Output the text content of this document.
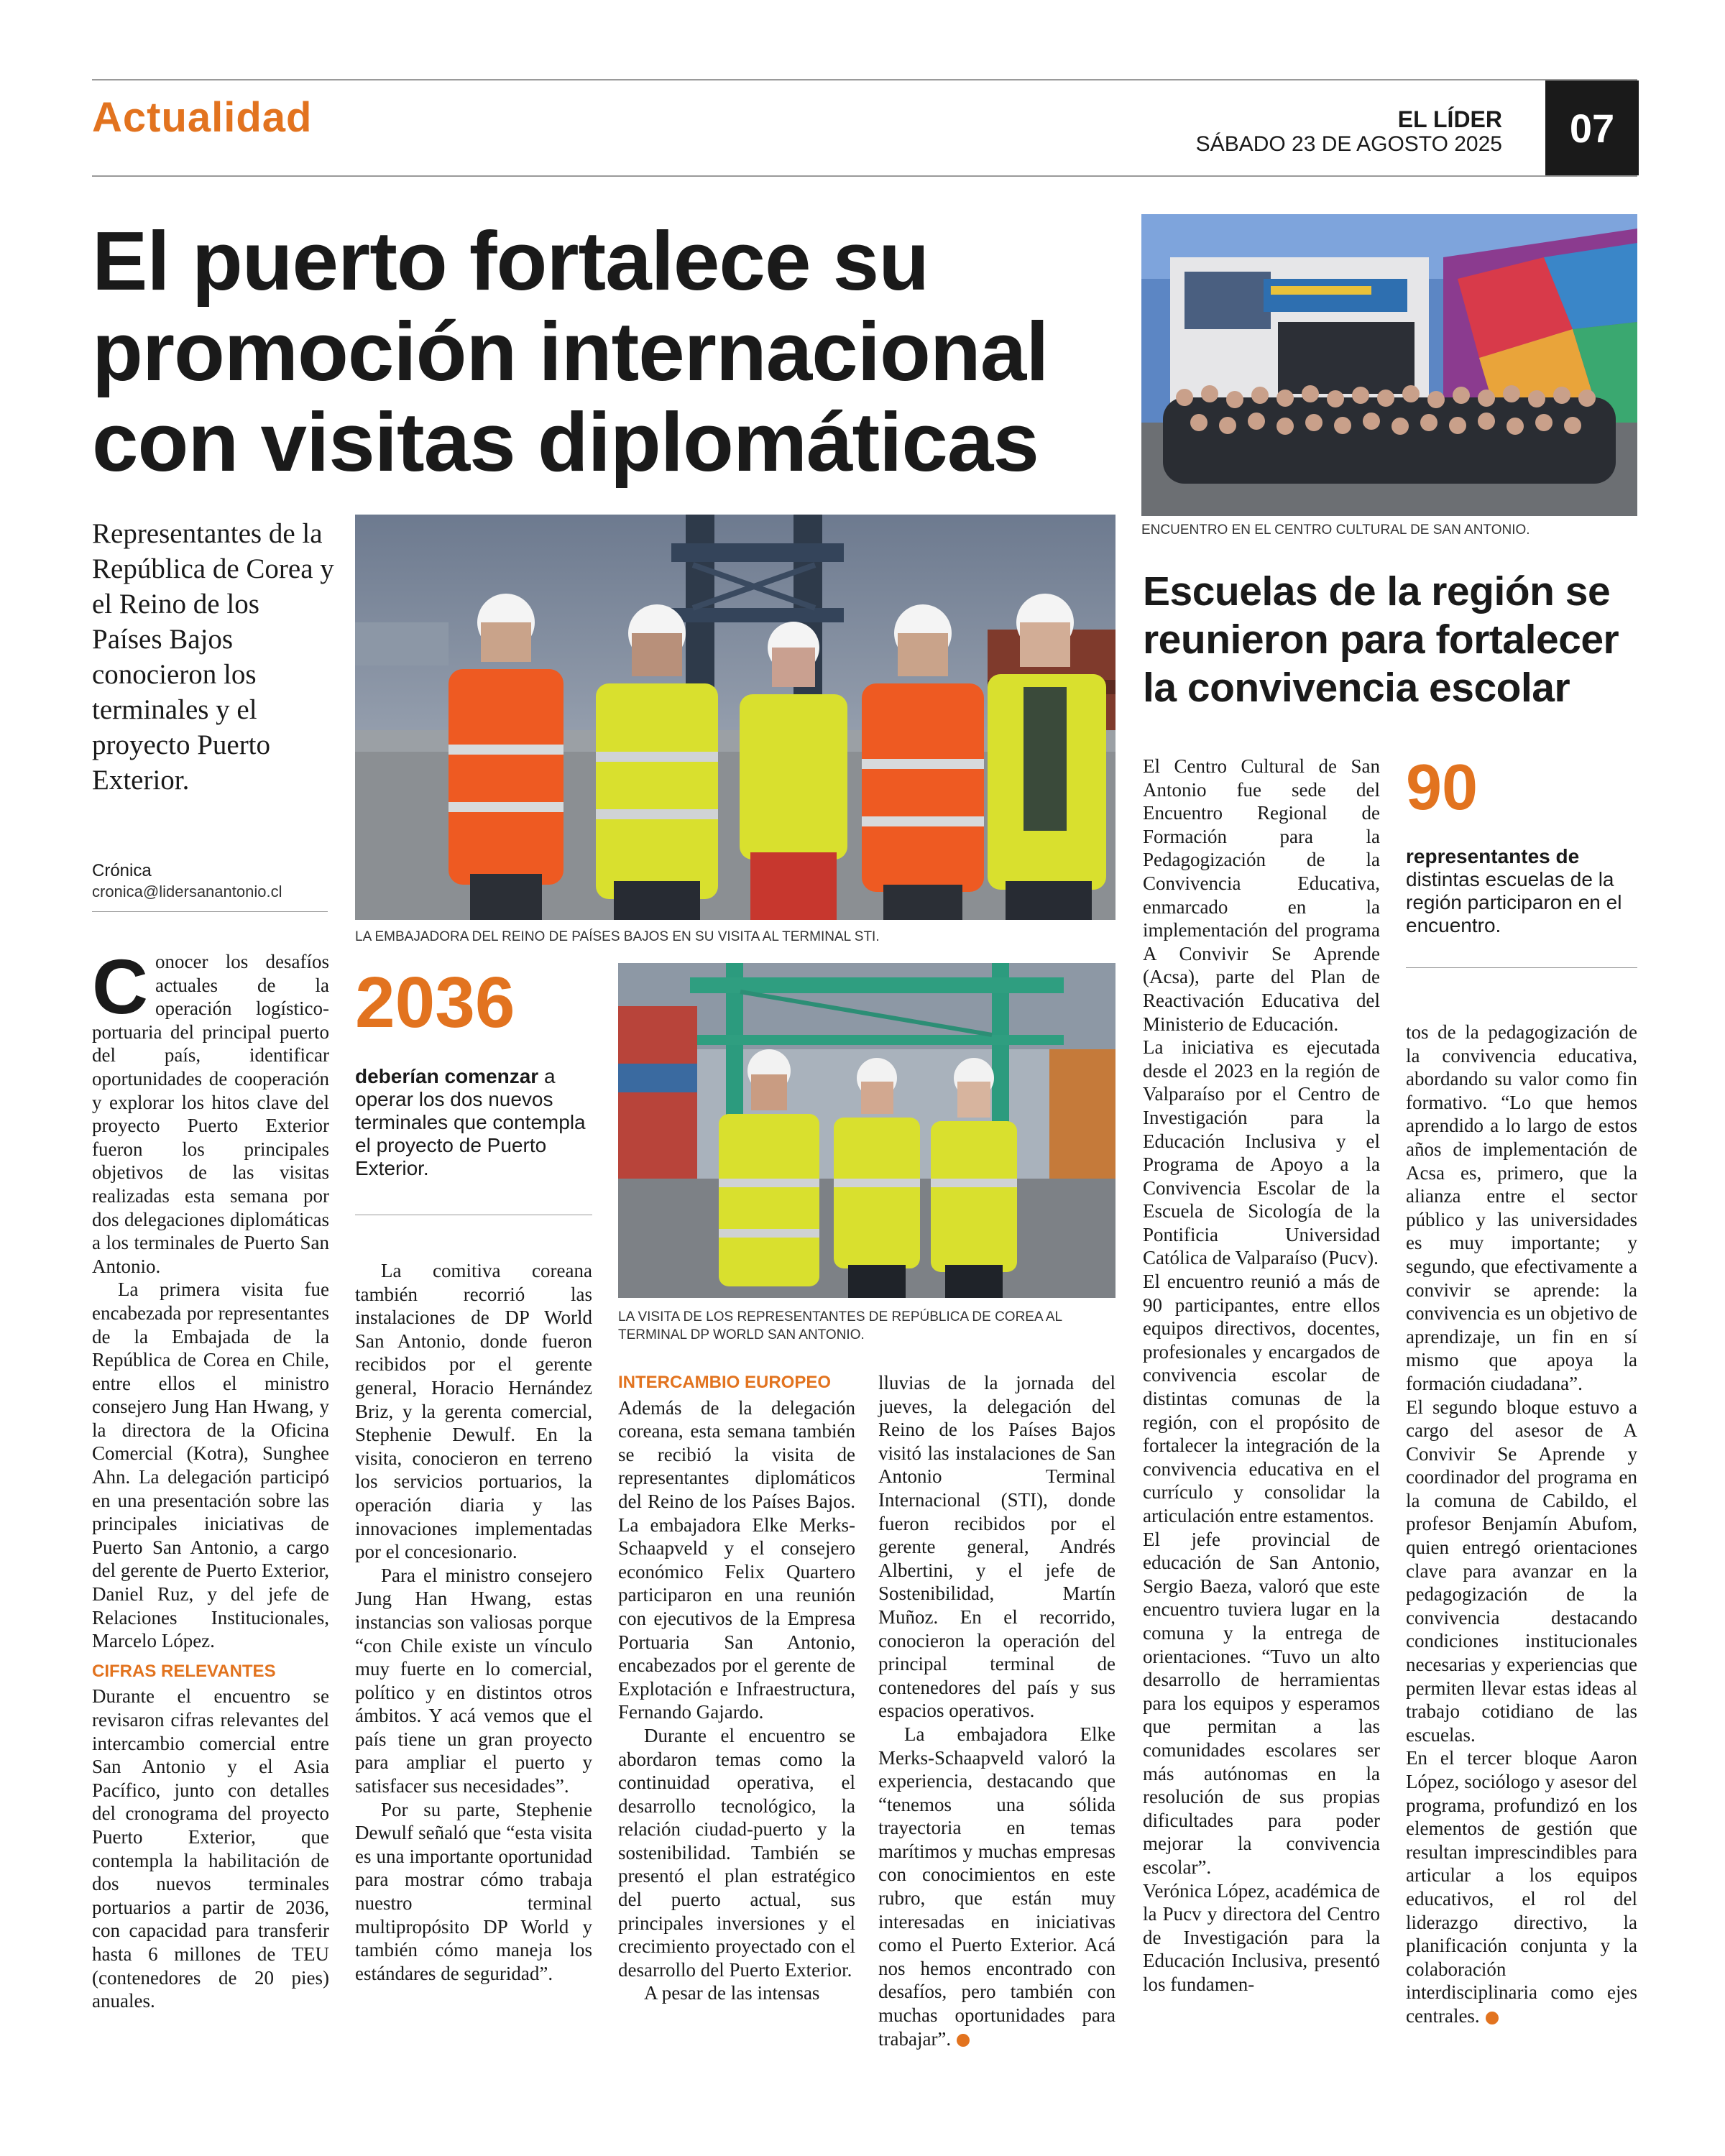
Actualidad	EL LÍDER
SÁBADO 23 DE AGOSTO 2025	07
El puerto fortalece su promoción internacional con visitas diplomáticas
Representantes de la República de Corea y el Reino de los Países Bajos conocieron los terminales y el proyecto Puerto Exterior.
Crónica
cronica@lidersanantonio.cl
LA EMBAJADORA DEL REINO DE PAÍSES BAJOS EN SU VISITA AL TERMINAL STI.
2036
deberían comenzar a operar los dos nuevos terminales que contempla el proyecto de Puerto Exterior.
LA VISITA DE LOS REPRESENTANTES DE REPÚBLICA DE COREA AL TERMINAL DP WORLD SAN ANTONIO.

Conocer los desafíos actuales de la operación logístico-portuaria del principal puerto del país, identificar oportunidades de cooperación y explorar los hitos clave del proyecto Puerto Exterior fueron los principales objetivos de las visitas realizadas esta semana por dos delegaciones diplomáticas a los terminales de Puerto San Antonio.

La primera visita fue encabezada por representantes de la Embajada de la República de Corea en Chile, entre ellos el ministro consejero Jung Han Hwang, y la directora de la Oficina Comercial (Kotra), Sunghee Ahn. La delegación participó en una presentación sobre las principales iniciativas de Puerto San Antonio, a cargo del gerente de Puerto Exterior, Daniel Ruz, y del jefe de Relaciones Institucionales, Marcelo López.

CIFRAS RELEVANTES

Durante el encuentro se revisaron cifras relevantes del intercambio comercial entre San Antonio y el Asia Pacífico, junto con detalles del cronograma del proyecto Puerto Exterior, que contempla la habilitación de dos nuevos terminales portuarios a partir de 2036, con capacidad para transferir hasta 6 millones de TEU (contenedores de 20 pies) anuales.

La comitiva coreana también recorrió las instalaciones de DP World San Antonio, donde fueron recibidos por el gerente general, Horacio Hernández Briz, y la gerenta comercial, Stephenie Dewulf. En la visita, conocieron en terreno los servicios portuarios, la operación diaria y las innovaciones implementadas por el concesionario.

Para el ministro consejero Jung Han Hwang, estas instancias son valiosas porque “con Chile existe un vínculo muy fuerte en lo comercial, político y en distintos otros ámbitos. Y acá vemos que el país tiene un gran proyecto para ampliar el puerto y satisfacer sus necesidades”.

Por su parte, Stephenie Dewulf señaló que “esta visita es una importante oportunidad para mostrar cómo trabaja nuestro terminal multipropósito DP World y también cómo maneja los estándares de seguridad”.

INTERCAMBIO EUROPEO

Además de la delegación coreana, esta semana también se recibió la visita de representantes diplomáticos del Reino de los Países Bajos. La embajadora Elke Merks-Schaapveld y el consejero económico Felix Quartero participaron en una reunión con ejecutivos de la Empresa Portuaria San Antonio, encabezados por el gerente de Explotación e Infraestructura, Fernando Gajardo.

Durante el encuentro se abordaron temas como la continuidad operativa, el desarrollo tecnológico, la relación ciudad-puerto y la sostenibilidad. También se presentó el plan estratégico del puerto actual, sus principales inversiones y el crecimiento proyectado con el desarrollo del Puerto Exterior.

A pesar de las intensas

lluvias de la jornada del jueves, la delegación del Reino de los Países Bajos visitó las instalaciones de San Antonio Terminal Internacional (STI), donde fueron recibidos por el gerente general, Andrés Albertini, y el jefe de Sostenibilidad, Martín Muñoz. En el recorrido, conocieron la operación del principal terminal de contenedores del país y sus espacios operativos.

La embajadora Elke Merks-Schaapveld valoró la experiencia, destacando que “tenemos una sólida trayectoria en temas marítimos y muchas empresas con conocimientos en este rubro, que están muy interesadas en iniciativas como el Puerto Exterior. Acá nos hemos encontrado con desafíos, pero también con muchas oportunidades para trabajar”.

ENCUENTRO EN EL CENTRO CULTURAL DE SAN ANTONIO.
Escuelas de la región se reunieron para fortalecer la convivencia escolar

El Centro Cultural de San Antonio fue sede del Encuentro Regional de Formación para la Pedagogización de la Convivencia Educativa, enmarcado en la implementación del programa A Convivir Se Aprende (Acsa), parte del Plan de Reactivación Educativa del Ministerio de Educación.

La iniciativa es ejecutada desde el 2023 en la región de Valparaíso por el Centro de Investigación para la Educación Inclusiva y el Programa de Apoyo a la Convivencia Escolar de la Escuela de Sicología de la Pontificia Universidad Católica de Valparaíso (Pucv).

El encuentro reunió a más de 90 participantes, entre ellos equipos directivos, docentes, profesionales y encargados de convivencia escolar de distintas comunas de la región, con el propósito de fortalecer la integración de la convivencia educativa en el currículo y consolidar la articulación entre estamentos.

El jefe provincial de educación de San Antonio, Sergio Baeza, valoró que este encuentro tuviera lugar en la comuna y la entrega de orientaciones. “Tuvo un alto desarrollo de herramientas para los equipos y esperamos que permitan a las comunidades escolares ser más autónomas en la resolución de sus propias dificultades para poder mejorar la convivencia escolar”.

Verónica López, académica de la Pucv y directora del Centro de Investigación para la Educación Inclusiva, presentó los fundamen-

90
representantes de distintas escuelas de la región participaron en el encuentro.

tos de la pedagogización de la convivencia educativa, abordando su valor como fin formativo. “Lo que hemos aprendido a lo largo de estos años de implementación de Acsa es, primero, que la alianza entre el sector público y las universidades es muy importante; y segundo, que efectivamente a convivir se aprende: la convivencia es un objetivo de aprendizaje, un fin en sí mismo que apoya la formación ciudadana”.

El segundo bloque estuvo a cargo del asesor de A Convivir Se Aprende y coordinador del programa en la comuna de Cabildo, el profesor Benjamín Abufom, quien entregó orientaciones clave para avanzar en la pedagogización de la convivencia destacando condiciones institucionales necesarias y experiencias que permiten llevar estas ideas al trabajo cotidiano de las escuelas.

En el tercer bloque Aaron López, sociólogo y asesor del programa, profundizó en los elementos de gestión que resultan imprescindibles para articular a los equipos educativos, el rol del liderazgo directivo, la planificación conjunta y la colaboración interdisciplinaria como ejes centrales.
